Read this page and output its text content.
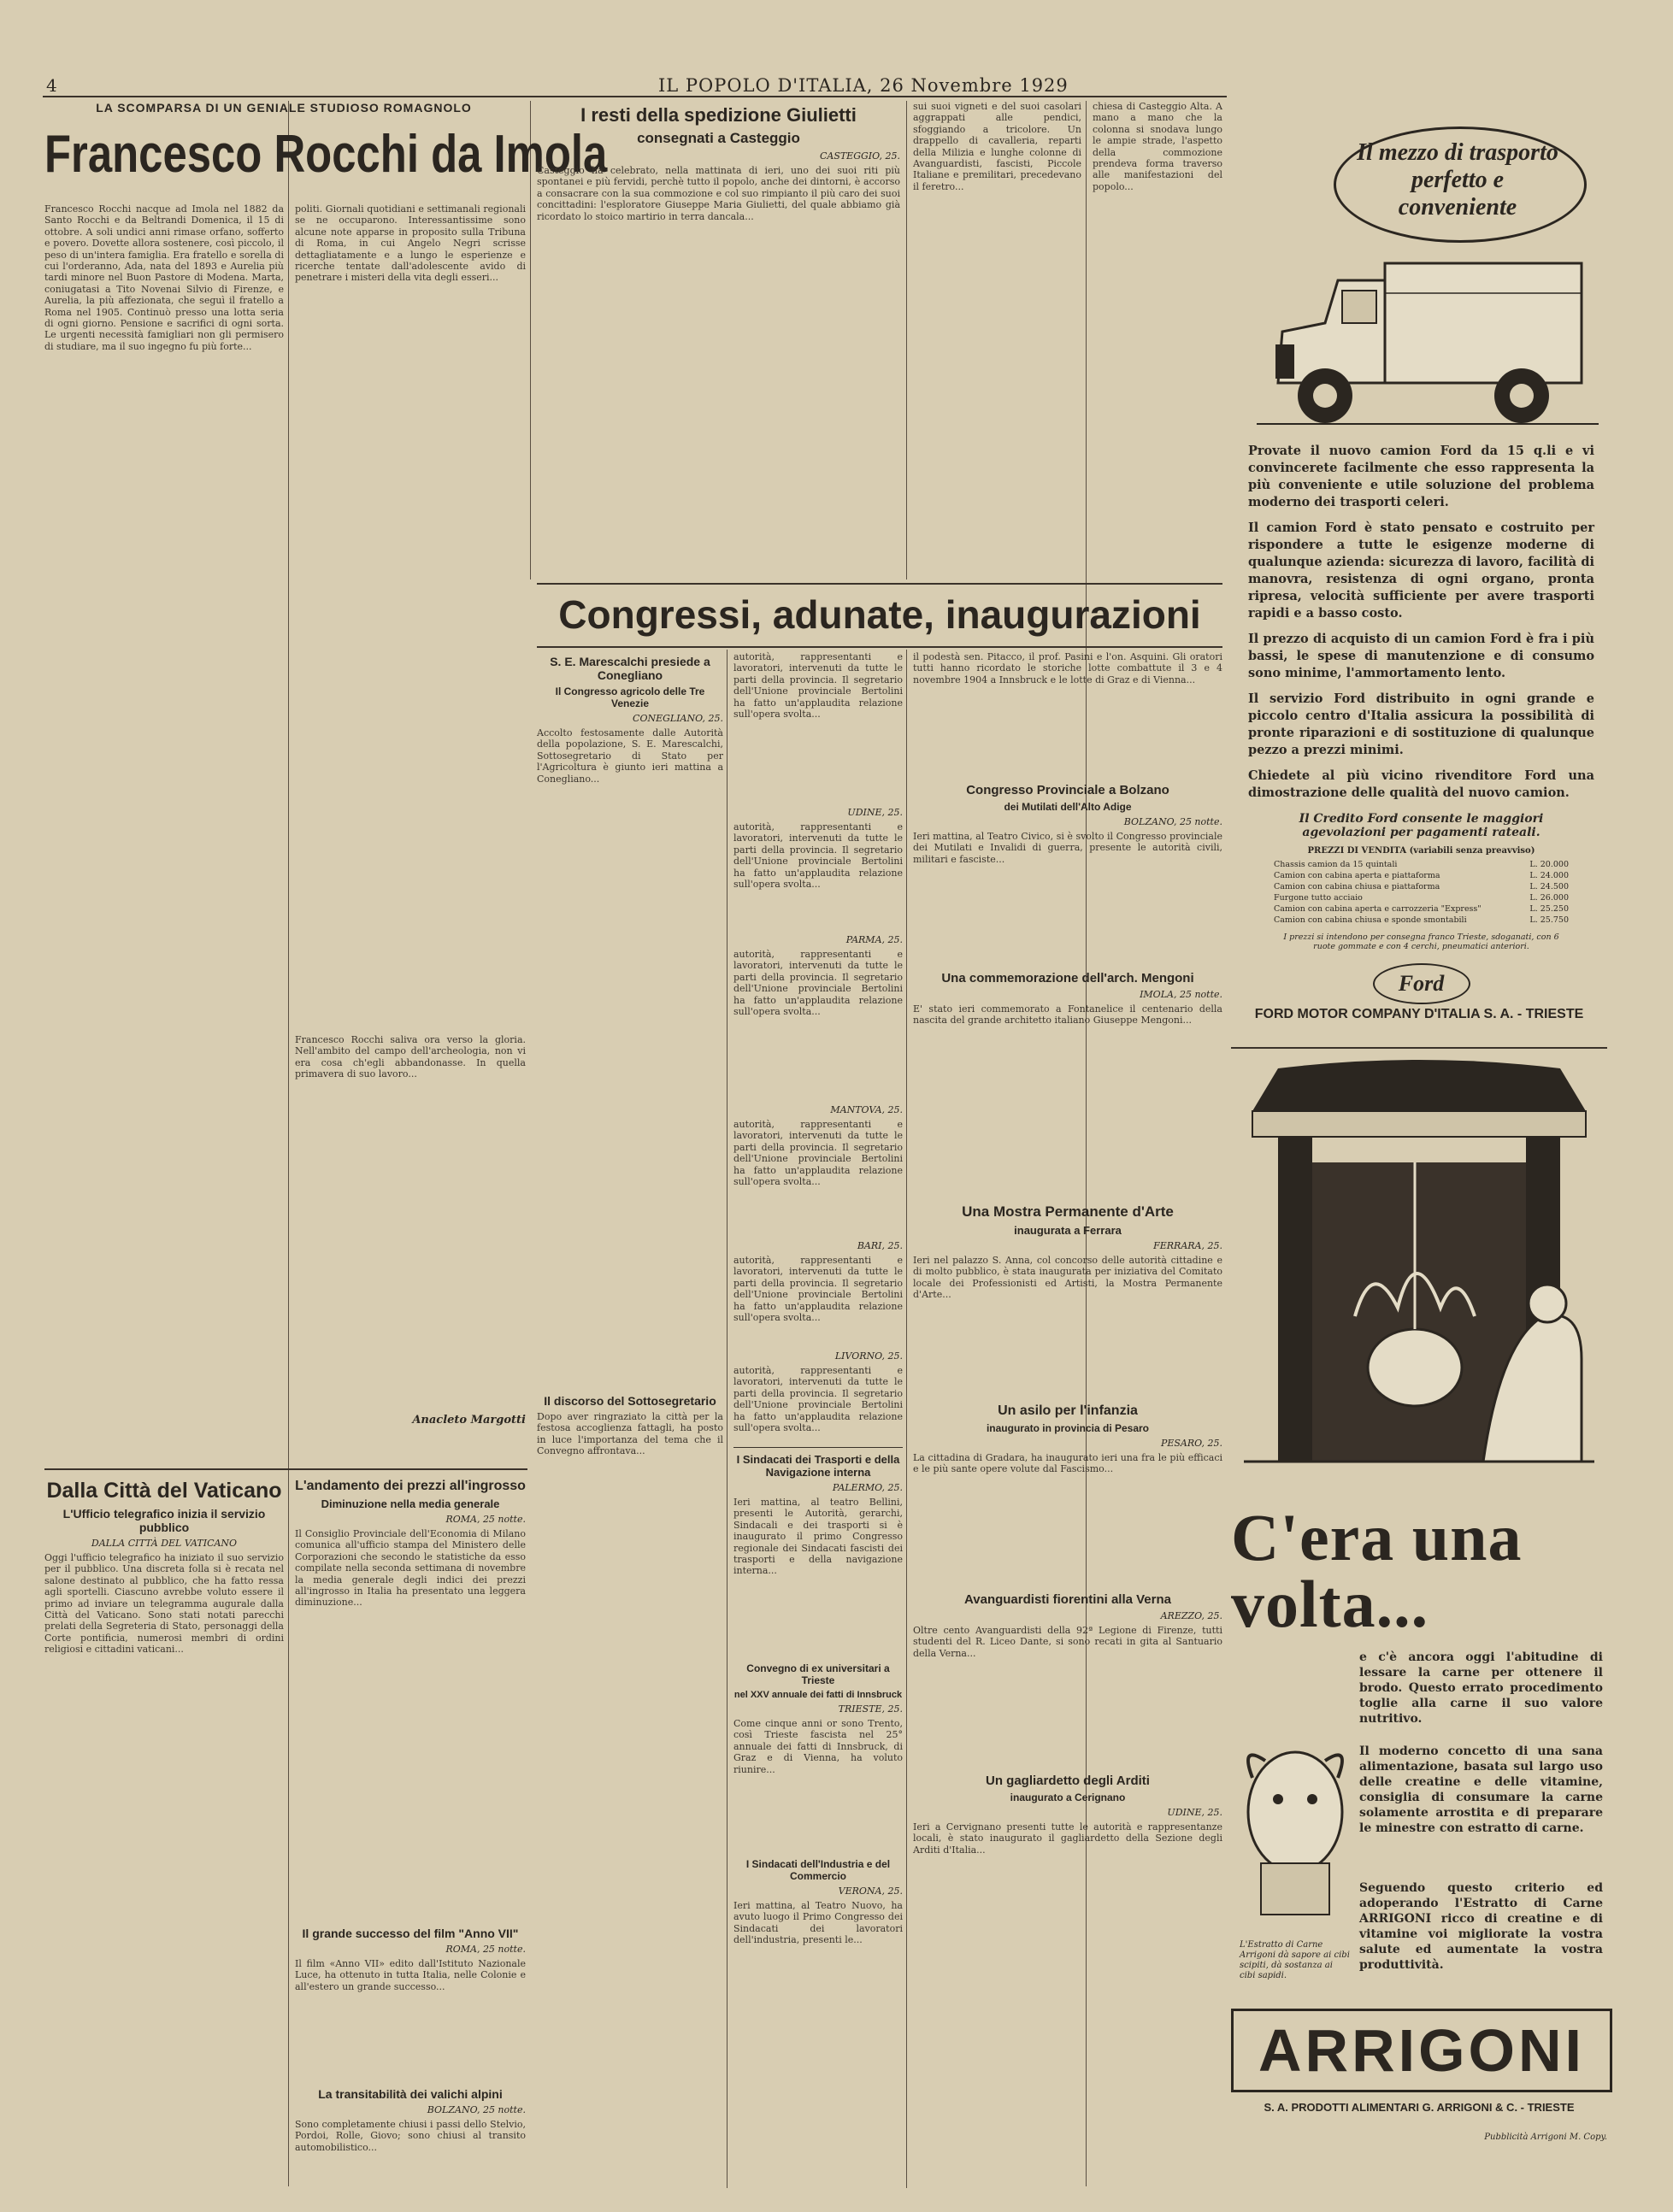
4	IL POPOLO D'ITALIA, 26 Novembre 1929
LA SCOMPARSA DI UN GENIALE STUDIOSO ROMAGNOLO
Francesco Rocchi da Imola
Francesco Rocchi nacque ad Imola nel 1882 da Santo Rocchi e da Beltrandi Domenica, il 15 di ottobre. A soli undici anni rimase orfano, sofferto e povero. Dovette allora sostenere, così piccolo, il peso di un'intera famiglia. Era fratello e sorella di cui l'orderanno, Ada, nata del 1893 e Aurelia più tardi minore nel Buon Pastore di Modena. Marta, coniugatasi a Tito Novenai Silvio di Firenze, e Aurelia, la più affezionata, che seguì il fratello a Roma nel 1905. Continuò presso una lotta seria di ogni giorno. Pensione e sacrifici di ogni sorta. Le urgenti necessità famigliari non gli permisero di studiare, ma il suo ingegno fu più forte...
politi. Giornali quotidiani e settimanali regionali se ne occuparono. Interessantissime sono alcune note apparse in proposito sulla Tribuna di Roma, in cui Angelo Negri scrisse dettagliatamente e a lungo le esperienze e ricerche tentate dall'adolescente avido di penetrare i misteri della vita degli esseri...
Francesco Rocchi saliva ora verso la gloria. Nell'ambito del campo dell'archeologia, non vi era cosa ch'egli abbandonasse. In quella primavera di suo lavoro...
Anacleto Margotti
Dalla Città del Vaticano
L'Ufficio telegrafico inizia il servizio pubblico
DALLA CITTÀ DEL VATICANO
Oggi l'ufficio telegrafico ha iniziato il suo servizio per il pubblico. Una discreta folla si è recata nel salone destinato al pubblico, che ha fatto ressa agli sportelli. Ciascuno avrebbe voluto essere il primo ad inviare un telegramma augurale dalla Città del Vaticano. Sono stati notati parecchi prelati della Segreteria di Stato, personaggi della Corte pontificia, numerosi membri di ordini religiosi e cittadini vaticani...
L'andamento dei prezzi all'ingrosso
Diminuzione nella media generale
ROMA, 25 notte.
Il Consiglio Provinciale dell'Economia di Milano comunica all'ufficio stampa del Ministero delle Corporazioni che secondo le statistiche da esso compilate nella seconda settimana di novembre la media generale degli indici dei prezzi all'ingrosso in Italia ha presentato una leggera diminuzione...
Il grande successo del film "Anno VII"
ROMA, 25 notte.
Il film «Anno VII» edito dall'Istituto Nazionale Luce, ha ottenuto in tutta Italia, nelle Colonie e all'estero un grande successo...
La transitabilità dei valichi alpini
BOLZANO, 25 notte.
Sono completamente chiusi i passi dello Stelvio, Pordoi, Rolle, Giovo; sono chiusi al transito automobilistico...
I resti della spedizione Giulietti
consegnati a Casteggio
CASTEGGIO, 25.
Casteggio ha celebrato, nella mattinata di ieri, uno dei suoi riti più spontanei e più fervidi, perchè tutto il popolo, anche dei dintorni, è accorso a consacrare con la sua commozione e col suo rimpianto il più caro dei suoi concittadini: l'esploratore Giuseppe Maria Giulietti, del quale abbiamo già ricordato lo stoico martirio in terra dancala...
sui suoi vigneti e del suoi casolari aggrappati alle pendici, sfoggiando a tricolore. Un drappello di cavalleria, reparti della Milizia e lunghe colonne di Avanguardisti, fascisti, Piccole Italiane e premilitari, precedevano il feretro...
chiesa di Casteggio Alta. A mano a mano che la colonna si snodava lungo le ampie strade, l'aspetto della commozione prendeva forma traverso alle manifestazioni del popolo...
Congressi, adunate, inaugurazioni
S. E. Marescalchi presiede a Conegliano
Il Congresso agricolo delle Tre Venezie
CONEGLIANO, 25.
Accolto festosamente dalle Autorità della popolazione, S. E. Marescalchi, Sottosegretario di Stato per l'Agricoltura è giunto ieri mattina a Conegliano...
Il discorso del Sottosegretario
Dopo aver ringraziato la città per la festosa accoglienza fattagli, ha posto in luce l'importanza del tema che il Convegno affrontava...
autorità, rappresentanti e lavoratori, intervenuti da tutte le parti della provincia. Il segretario dell'Unione provinciale Bertolini ha fatto un'applaudita relazione sull'opera svolta...
UDINE, 25.
autorità, rappresentanti e lavoratori, intervenuti da tutte le parti della provincia. Il segretario dell'Unione provinciale Bertolini ha fatto un'applaudita relazione sull'opera svolta...
PARMA, 25.
autorità, rappresentanti e lavoratori, intervenuti da tutte le parti della provincia. Il segretario dell'Unione provinciale Bertolini ha fatto un'applaudita relazione sull'opera svolta...
MANTOVA, 25.
autorità, rappresentanti e lavoratori, intervenuti da tutte le parti della provincia. Il segretario dell'Unione provinciale Bertolini ha fatto un'applaudita relazione sull'opera svolta...
BARI, 25.
autorità, rappresentanti e lavoratori, intervenuti da tutte le parti della provincia. Il segretario dell'Unione provinciale Bertolini ha fatto un'applaudita relazione sull'opera svolta...
LIVORNO, 25.
autorità, rappresentanti e lavoratori, intervenuti da tutte le parti della provincia. Il segretario dell'Unione provinciale Bertolini ha fatto un'applaudita relazione sull'opera svolta...
I Sindacati dei Trasporti e della Navigazione interna
PALERMO, 25.
Ieri mattina, al teatro Bellini, presenti le Autorità, gerarchi, Sindacali e dei trasporti si è inaugurato il primo Congresso regionale dei Sindacati fascisti dei trasporti e della navigazione interna...
Convegno di ex universitari a Trieste
nel XXV annuale dei fatti di Innsbruck
TRIESTE, 25.
Come cinque anni or sono Trento, così Trieste fascista nel 25° annuale dei fatti di Innsbruck, di Graz e di Vienna, ha voluto riunire...
I Sindacati dell'Industria e del Commercio
VERONA, 25.
Ieri mattina, al Teatro Nuovo, ha avuto luogo il Primo Congresso dei Sindacati dei lavoratori dell'industria, presenti le...
il podestà sen. Pitacco, il prof. Pasini e l'on. Asquini. Gli oratori tutti hanno ricordato le storiche lotte combattute il 3 e 4 novembre 1904 a Innsbruck e le lotte di Graz e di Vienna...
Congresso Provinciale a Bolzano
dei Mutilati dell'Alto Adige
BOLZANO, 25 notte.
Ieri mattina, al Teatro Civico, si è svolto il Congresso provinciale dei Mutilati e Invalidi di guerra, presente le autorità civili, militari e fasciste...
Una commemorazione dell'arch. Mengoni
IMOLA, 25 notte.
E' stato ieri commemorato a Fontanelice il centenario della nascita del grande architetto italiano Giuseppe Mengoni...
Una Mostra Permanente d'Arte
inaugurata a Ferrara
FERRARA, 25.
Ieri nel palazzo S. Anna, col concorso delle autorità cittadine e di molto pubblico, è stata inaugurata per iniziativa del Comitato locale dei Professionisti ed Artisti, la Mostra Permanente d'Arte...
Un asilo per l'infanzia
inaugurato in provincia di Pesaro
PESARO, 25.
La cittadina di Gradara, ha inaugurato ieri una fra le più efficaci e le più sante opere volute dal Fascismo...
Avanguardisti fiorentini alla Verna
AREZZO, 25.
Oltre cento Avanguardisti della 92ª Legione di Firenze, tutti studenti del R. Liceo Dante, si sono recati in gita al Santuario della Verna...
Un gagliardetto degli Arditi
inaugurato a Cerignano
UDINE, 25.
Ieri a Cervignano presenti tutte le autorità e rappresentanze locali, è stato inaugurato il gagliardetto della Sezione degli Arditi d'Italia...
Il mezzo di trasporto
perfetto e
conveniente

Provate il nuovo camion Ford da 15 q.li e vi convincerete facilmente che esso rappresenta la più conveniente e utile soluzione del problema moderno dei trasporti celeri.

Il camion Ford è stato pensato e costruito per rispondere a tutte le esigenze moderne di qualunque azienda: sicurezza di lavoro, facilità di manovra, resistenza di ogni organo, pronta ripresa, velocità sufficiente per avere trasporti rapidi e a basso costo.

Il prezzo di acquisto di un camion Ford è fra i più bassi, le spese di manutenzione e di consumo sono minime, l'ammortamento lento.

Il servizio Ford distribuito in ogni grande e piccolo centro d'Italia assicura la possibilità di pronte riparazioni e di sostituzione di qualunque pezzo a prezzi minimi.

Chiedete al più vicino rivenditore Ford una dimostrazione delle qualità del nuovo camion.

Il Credito Ford consente le maggiori agevolazioni per pagamenti rateali.
PREZZI DI VENDITA (variabili senza preavviso)
Chassis camion da 15 quintali	L. 20.000
Camion con cabina aperta e piattaforma	L. 24.000
Camion con cabina chiusa e piattaforma	L. 24.500
Furgone tutto acciaio	L. 26.000
Camion con cabina aperta e carrozzeria "Express"	L. 25.250
Camion con cabina chiusa e sponde smontabili	L. 25.750
I prezzi si intendono per consegna franco Trieste, sdoganati, con 6 ruote gommate e con 4 cerchi, pneumatici anteriori.
Ford
FORD MOTOR COMPANY D'ITALIA S. A. - TRIESTE
C'era una volta...
e c'è ancora oggi l'abitudine di lessare la carne per ottenere il brodo. Questo errato procedimento toglie alla carne il suo valore nutritivo.
Il moderno concetto di una sana alimentazione, basata sul largo uso delle creatine e delle vitamine, consiglia di consumare la carne solamente arrostita e di preparare le minestre con estratto di carne.
Seguendo questo criterio ed adoperando l'Estratto di Carne ARRIGONI ricco di creatine e di vitamine voi migliorate la vostra salute ed aumentate la vostra produttività.
L'Estratto di Carne Arrigoni dà sapore ai cibi scipiti, dà sostanza ai cibi sapidi.
ARRIGONI
S. A. PRODOTTI ALIMENTARI G. ARRIGONI & C. - TRIESTE
Pubblicità Arrigoni M. Copy.
